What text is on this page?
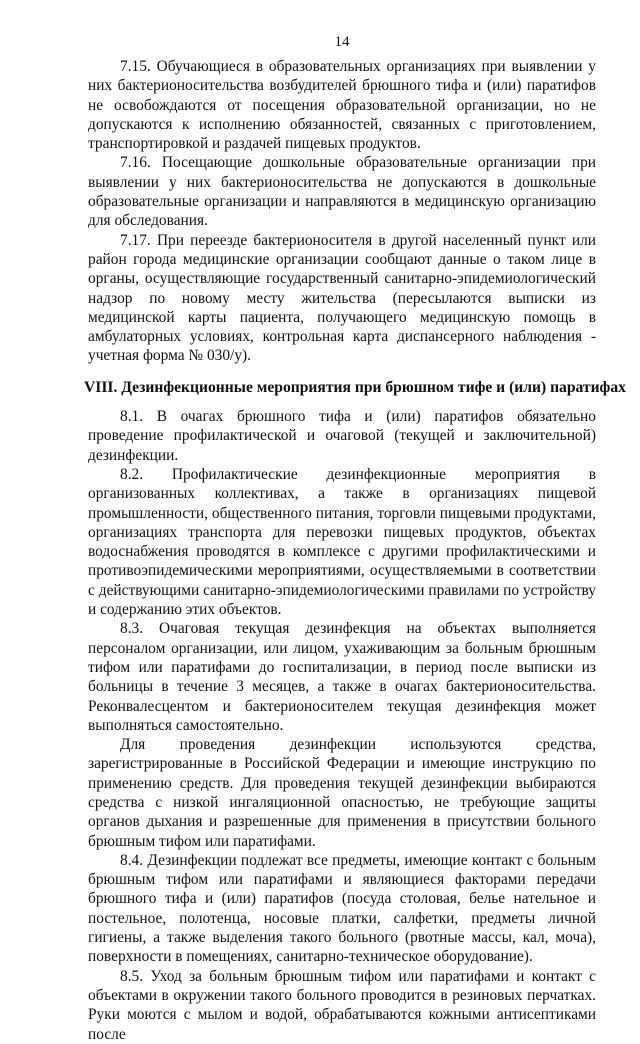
14

7.15. Обучающиеся в образовательных организациях при выявлении у них бактерионосительства возбудителей брюшного тифа и (или) паратифов не освобождаются от посещения образовательной организации, но не допускаются к исполнению обязанностей, связанных с приготовлением, транспортировкой и раздачей пищевых продуктов.

7.16. Посещающие дошкольные образовательные организации при выявлении у них бактерионосительства не допускаются в дошкольные образовательные организации и направляются в медицинскую организацию для обследования.

7.17. При переезде бактерионосителя в другой населенный пункт или район города медицинские организации сообщают данные о таком лице в органы, осуществляющие государственный санитарно-эпидемиологический надзор по новому месту жительства (пересылаются выписки из медицинской карты пациента, получающего медицинскую помощь в амбулаторных условиях, контрольная карта диспансерного наблюдения - учетная форма № 030/у).

VIII. Дезинфекционные мероприятия при брюшном тифе и (или) паратифах

8.1. В очагах брюшного тифа и (или) паратифов обязательно проведение профилактической и очаговой (текущей и заключительной) дезинфекции.

8.2. Профилактические дезинфекционные мероприятия в организованных коллективах, а также в организациях пищевой промышленности, общественного питания, торговли пищевыми продуктами, организациях транспорта для перевозки пищевых продуктов, объектах водоснабжения проводятся в комплексе с другими профилактическими и противоэпидемическими мероприятиями, осуществляемыми в соответствии с действующими санитарно-эпидемиологическими правилами по устройству и содержанию этих объектов.

8.3. Очаговая текущая дезинфекция на объектах выполняется персоналом организации, или лицом, ухаживающим за больным брюшным тифом или паратифами до госпитализации, в период после выписки из больницы в течение 3 месяцев, а также в очагах бактерионосительства. Реконвалесцентом и бактерионосителем текущая дезинфекция может выполняться самостоятельно.

Для проведения дезинфекции используются средства, зарегистрированные в Российской Федерации и имеющие инструкцию по применению средств. Для проведения текущей дезинфекции выбираются средства с низкой ингаляционной опасностью, не требующие защиты органов дыхания и разрешенные для применения в присутствии больного брюшным тифом или паратифами.

8.4. Дезинфекции подлежат все предметы, имеющие контакт с больным брюшным тифом или паратифами и являющиеся факторами передачи брюшного тифа и (или) паратифов (посуда столовая, белье нательное и постельное, полотенца, носовые платки, салфетки, предметы личной гигиены, а также выделения такого больного (рвотные массы, кал, моча), поверхности в помещениях, санитарно-техническое оборудование).

8.5. Уход за больным брюшным тифом или паратифами и контакт с объектами в окружении такого больного проводится в резиновых перчатках. Руки моются с мылом и водой, обрабатываются кожными антисептиками после
